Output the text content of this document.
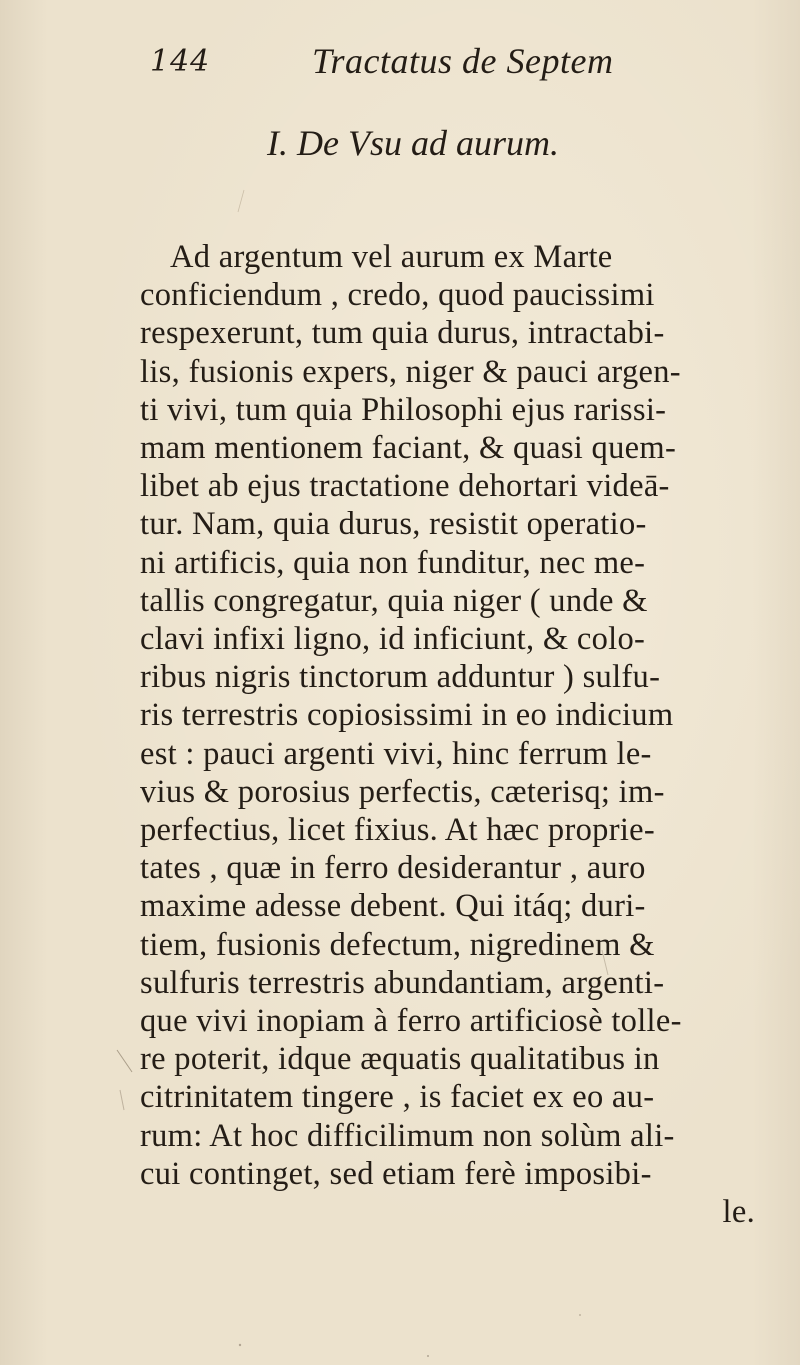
144	Tractatus de Septem
I. De Vsu ad aurum.
Ad argentum vel aurum ex Marte
conficiendum , credo, quod paucissimi
respexerunt, tum quia durus, intractabi-
lis, fusionis expers, niger & pauci argen-
ti vivi, tum quia Philosophi ejus rarissi-
mam mentionem faciant, & quasi quem-
libet ab ejus tractatione dehortari videā-
tur. Nam, quia durus, resistit operatio-
ni artificis, quia non funditur, nec me-
tallis congregatur, quia niger ( unde &
clavi infixi ligno, id inficiunt, & colo-
ribus nigris tinctorum adduntur ) sulfu-
ris terrestris copiosissimi in eo indicium
est : pauci argenti vivi, hinc ferrum le-
vius & porosius perfectis, cæterisq; im-
perfectius, licet fixius. At hæc proprie-
tates , quæ in ferro desiderantur , auro
maxime adesse debent. Qui itáq; duri-
tiem, fusionis defectum, nigredinem &
sulfuris terrestris abundantiam, argenti-
que vivi inopiam à ferro artificiosè tolle-
re poterit, idque æquatis qualitatibus in
citrinitatem tingere , is faciet ex eo au-
rum: At hoc difficilimum non solùm ali-
cui continget, sed etiam ferè imposibi-
le.
